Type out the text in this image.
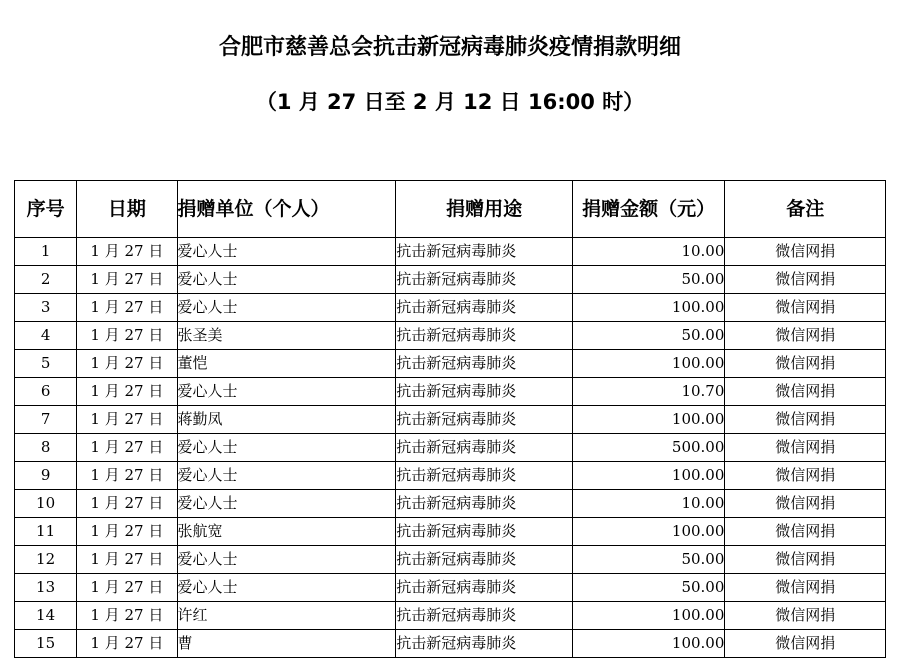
合肥市慈善总会抗击新冠病毒肺炎疫情捐款明细
（1 月 27 日至 2 月 12 日 16:00 时）
序号	日期	捐赠单位（个人）	捐赠用途	捐赠金额（元）	备注
1	1 月 27 日	爱心人士	抗击新冠病毒肺炎	10.00	微信网捐
2	1 月 27 日	爱心人士	抗击新冠病毒肺炎	50.00	微信网捐
3	1 月 27 日	爱心人士	抗击新冠病毒肺炎	100.00	微信网捐
4	1 月 27 日	张圣美	抗击新冠病毒肺炎	50.00	微信网捐
5	1 月 27 日	董恺	抗击新冠病毒肺炎	100.00	微信网捐
6	1 月 27 日	爱心人士	抗击新冠病毒肺炎	10.70	微信网捐
7	1 月 27 日	蒋勤凤	抗击新冠病毒肺炎	100.00	微信网捐
8	1 月 27 日	爱心人士	抗击新冠病毒肺炎	500.00	微信网捐
9	1 月 27 日	爱心人士	抗击新冠病毒肺炎	100.00	微信网捐
10	1 月 27 日	爱心人士	抗击新冠病毒肺炎	10.00	微信网捐
11	1 月 27 日	张航宽	抗击新冠病毒肺炎	100.00	微信网捐
12	1 月 27 日	爱心人士	抗击新冠病毒肺炎	50.00	微信网捐
13	1 月 27 日	爱心人士	抗击新冠病毒肺炎	50.00	微信网捐
14	1 月 27 日	许红	抗击新冠病毒肺炎	100.00	微信网捐
15	1 月 27 日	曹	抗击新冠病毒肺炎	100.00	微信网捐
